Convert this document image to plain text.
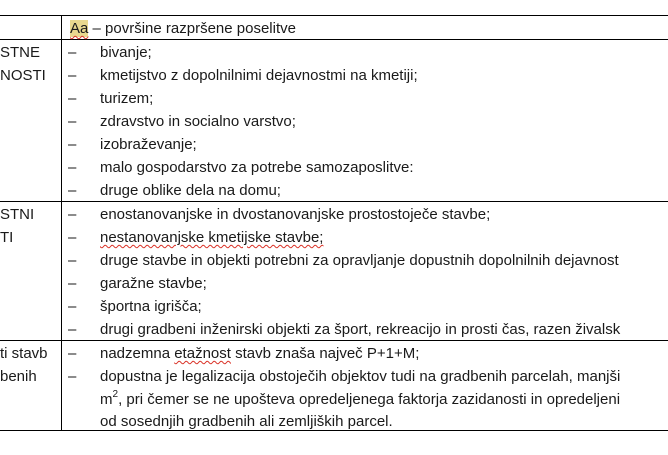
Aa – površine razpršene poselitve
STNE
NOSTI
– bivanje;
– kmetijstvo z dopolnilnimi dejavnostmi na kmetiji;
– turizem;
– zdravstvo in socialno varstvo;
– izobraževanje;
– malo gospodarstvo za potrebe samozaposlitve:
– druge oblike dela na domu;
STNI
TI
– enostanovanjske in dvostanovanjske prostostoječe stavbe;
– nestanovanjske kmetijske stavbe;
– druge stavbe in objekti potrebni za opravljanje dopustnih dopolnilnih dejavnost
– garažne stavbe;
– športna igrišča;
– drugi gradbeni inženirski objekti za šport, rekreacijo in prosti čas, razen živalsk
ti stavb
benih
– nadzemna etažnost stavb znaša največ P+1+M;
– dopustna je legalizacija obstoječih objektov tudi na gradbenih parcelah, manjši
$m^2$, pri čemer se ne upošteva opredeljenega faktorja zazidanosti in opredeljeni
od sosednjih gradbenih ali zemljiških parcel.
